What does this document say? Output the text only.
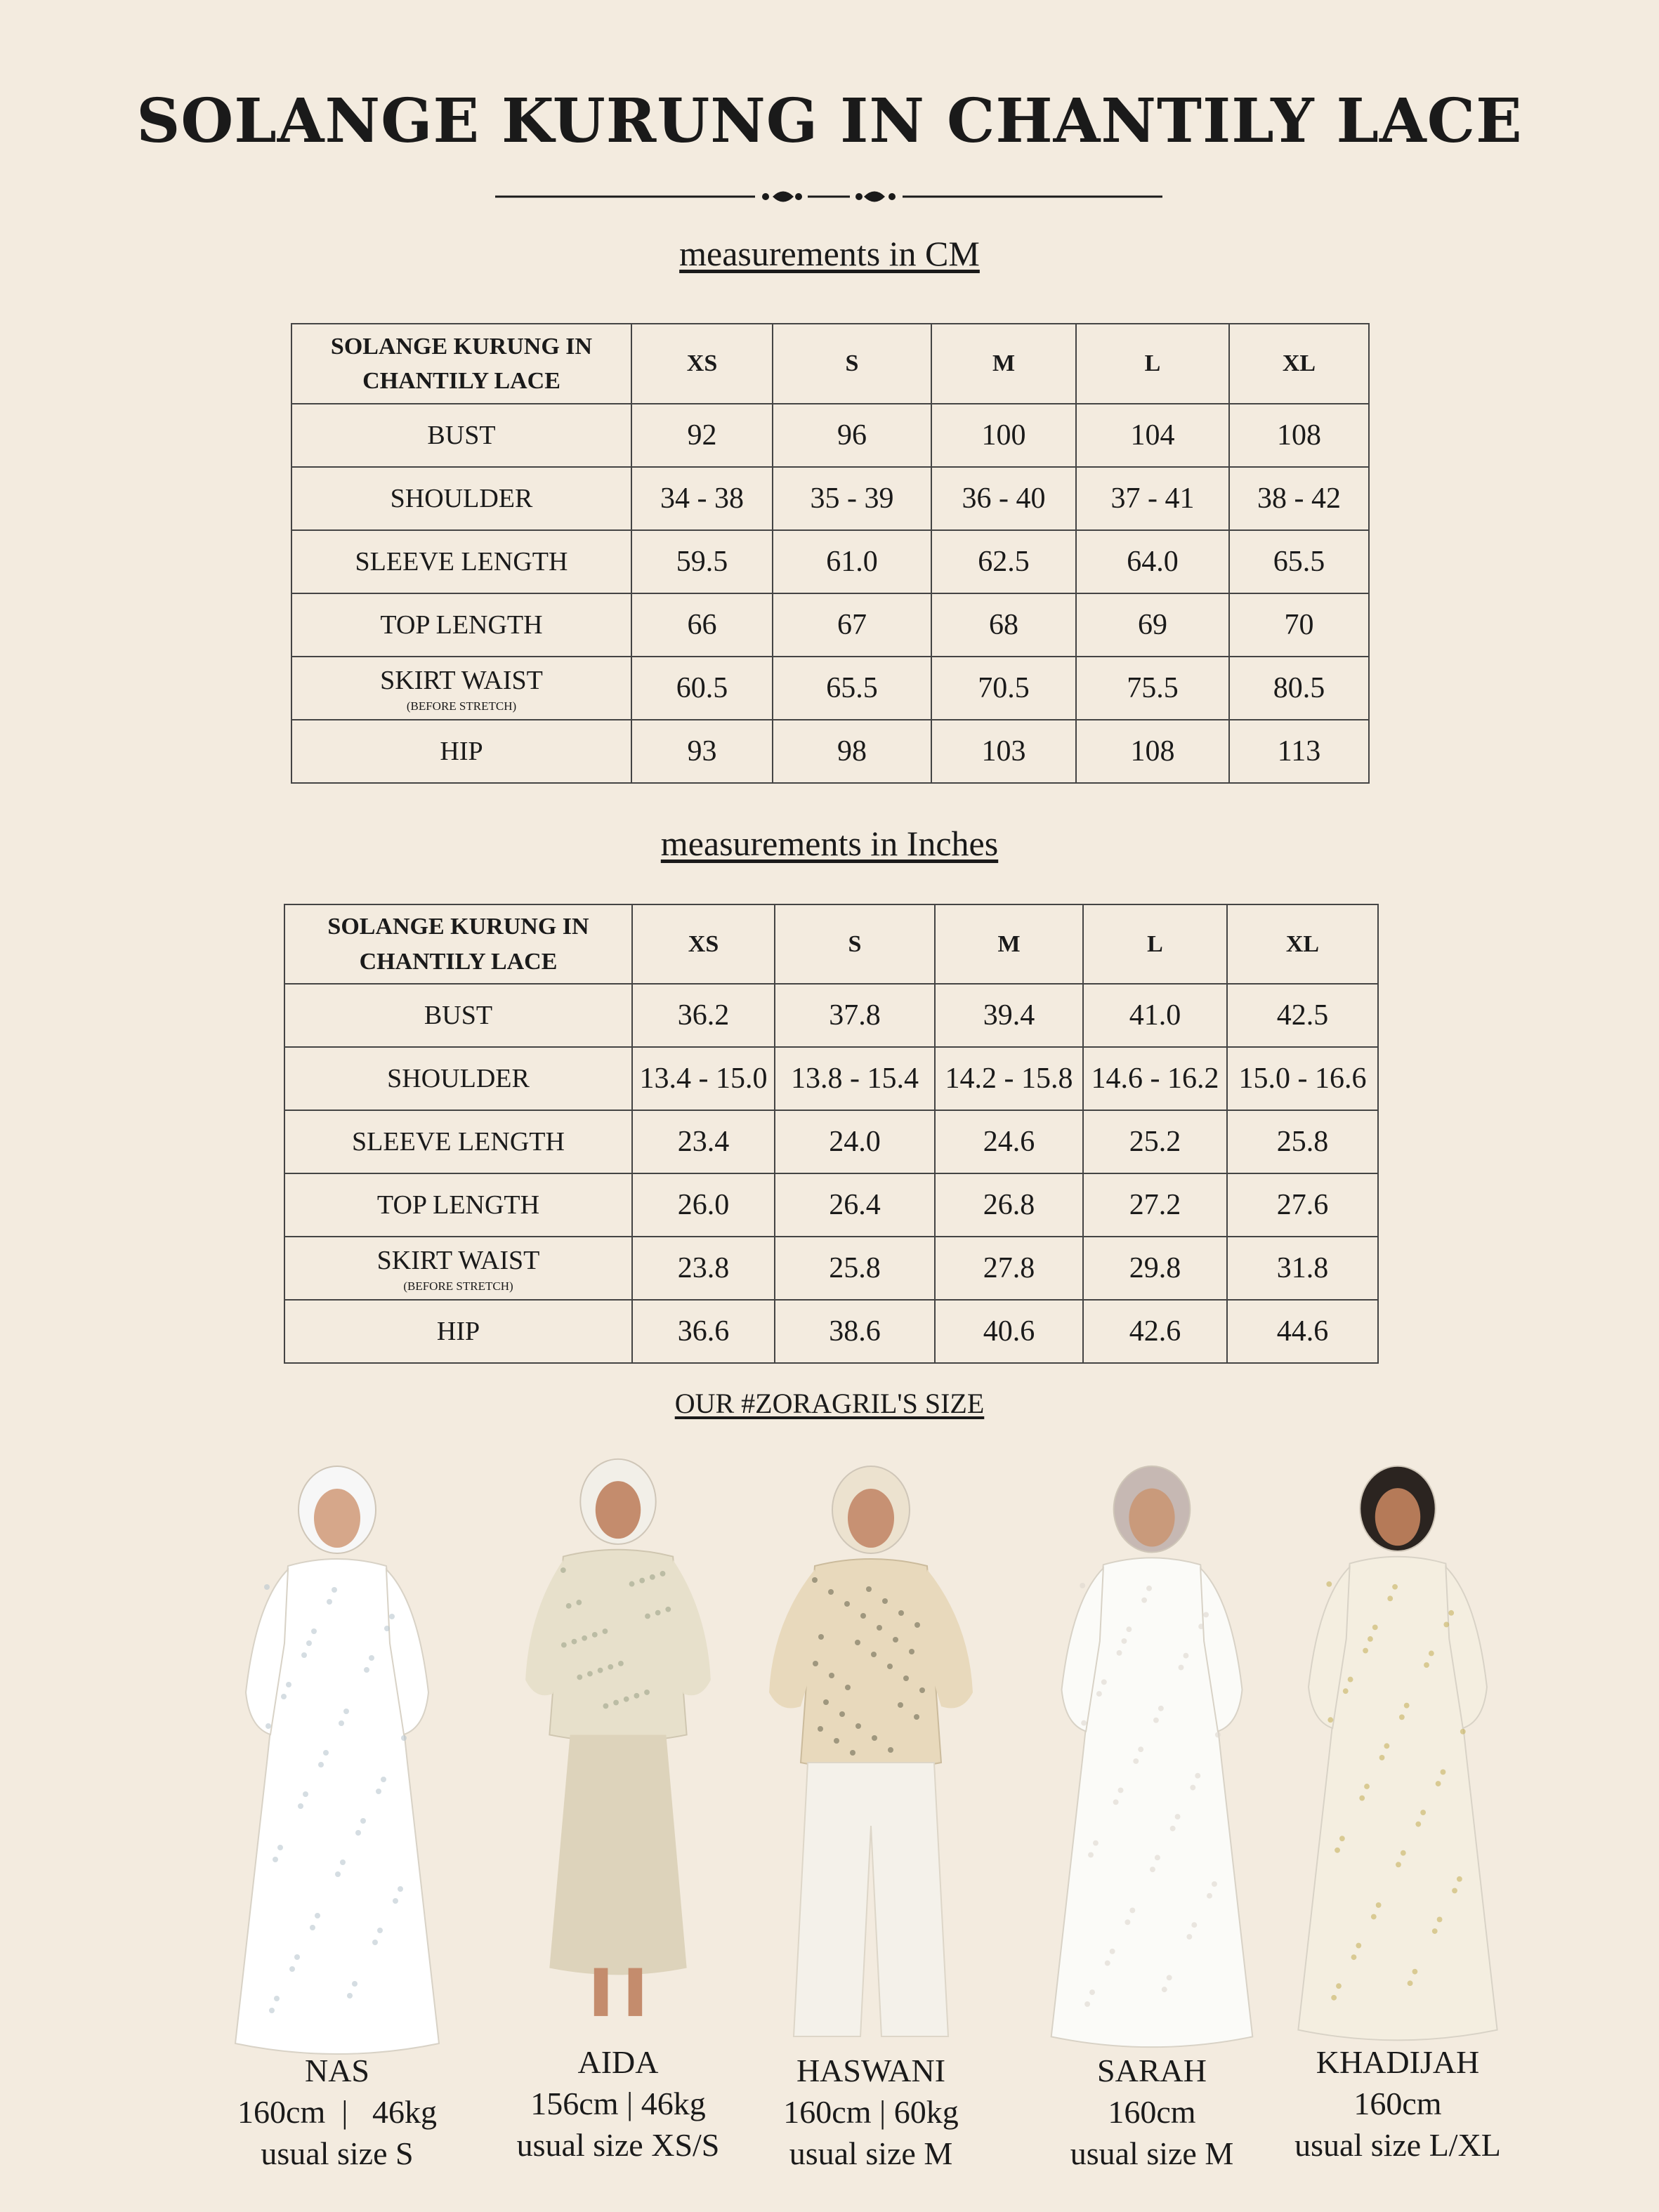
SOLANGE KURUNG IN CHANTILY LACE
measurements in CM
SOLANGE KURUNG IN
CHANTILY LACE	XS	S	M	L	XL
BUST	92	96	100	104	108
SHOULDER	34 - 38	35 - 39	36 - 40	37 - 41	38 - 42
SLEEVE LENGTH	59.5	61.0	62.5	64.0	65.5
TOP LENGTH	66	67	68	69	70
SKIRT WAIST
(BEFORE STRETCH)	60.5	65.5	70.5	75.5	80.5
HIP	93	98	103	108	113
measurements in Inches
SOLANGE KURUNG IN
CHANTILY LACE	XS	S	M	L	XL
BUST	36.2	37.8	39.4	41.0	42.5
SHOULDER	13.4 - 15.0	13.8 - 15.4	14.2 - 15.8	14.6 - 16.2	15.0 - 16.6
SLEEVE LENGTH	23.4	24.0	24.6	25.2	25.8
TOP LENGTH	26.0	26.4	26.8	27.2	27.6
SKIRT WAIST
(BEFORE STRETCH)	23.8	25.8	27.8	29.8	31.8
HIP	36.6	38.6	40.6	42.6	44.6
OUR #ZORAGRIL'S SIZE
NAS
160cm  |   46kg
usual size S
AIDA
156cm | 46kg
usual size XS/S
HASWANI
160cm | 60kg
usual size M
SARAH
160cm
usual size M
KHADIJAH
160cm
usual size L/XL
